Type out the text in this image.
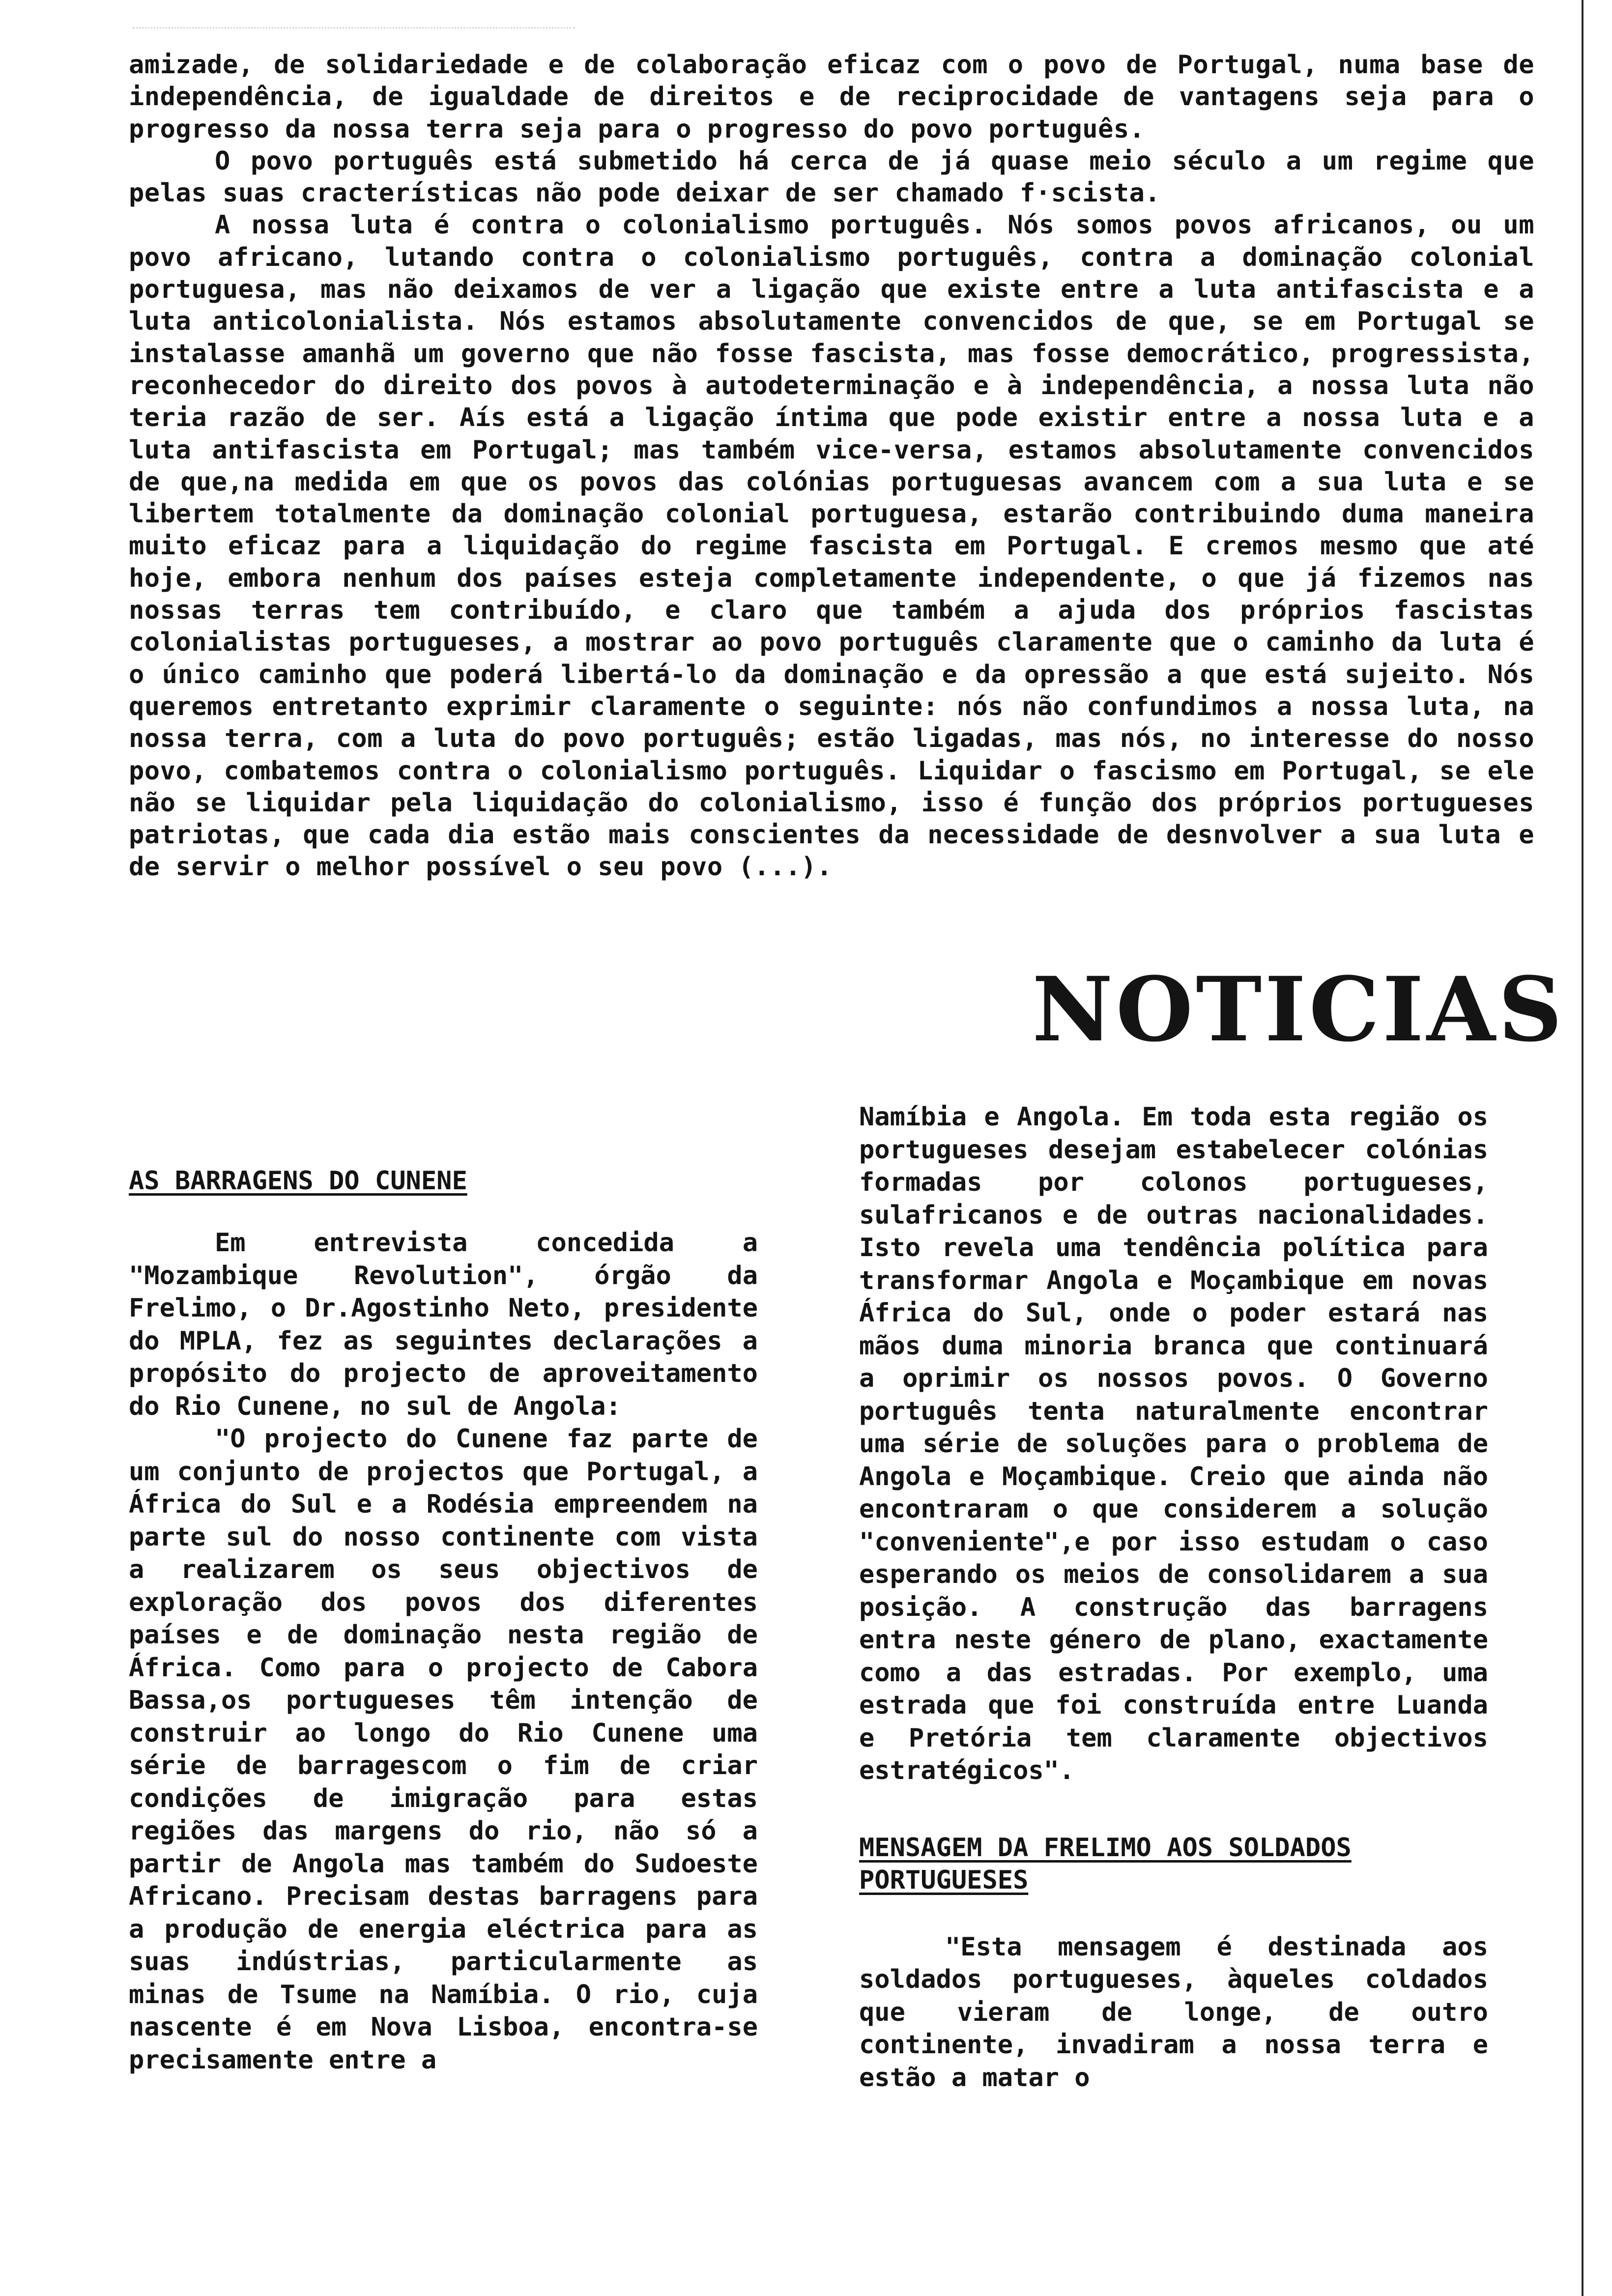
amizade, de solidariedade e de colaboração eficaz com o povo de Portugal, numa base de independência, de igualdade de direitos e de reciprocidade de vantagens seja para o progresso da nossa terra seja para o progresso do povo português.

O povo português está submetido há cerca de já quase meio século a um regime que pelas suas cracterísticas não pode deixar de ser chamado f·scista.

A nossa luta é contra o colonialismo português. Nós somos povos africanos, ou um povo africano, lutando contra o colonialismo português, contra a dominação colonial portuguesa, mas não deixamos de ver a ligação que existe entre a luta antifascista e a luta anticolonialista. Nós estamos absolutamente convencidos de que, se em Portugal se instalasse amanhã um governo que não fosse fascista, mas fosse democrático, progressista, reconhecedor do direito dos povos à autodeterminação e à independência, a nossa luta não teria razão de ser. Aís está a ligação íntima que pode existir entre a nossa luta e a luta antifascista em Portugal; mas também vice-versa, estamos absolutamente convencidos de que,na medida em que os povos das colónias portuguesas avancem com a sua luta e se libertem totalmente da dominação colonial portuguesa, estarão contribuindo duma maneira muito eficaz para a liquidação do regime fascista em Portugal. E cremos mesmo que até hoje, embora nenhum dos países esteja completamente independente, o que já fizemos nas nossas terras tem contribuído, e claro que também a ajuda dos próprios fascistas colonialistas portugueses, a mostrar ao povo português claramente que o caminho da luta é o único caminho que poderá libertá-lo da dominação e da opressão a que está sujeito. Nós queremos entretanto exprimir claramente o seguinte: nós não confundimos a nossa luta, na nossa terra, com a luta do povo português; estão ligadas, mas nós, no interesse do nosso povo, combatemos contra o colonialismo português. Liquidar o fascismo em Portugal, se ele não se liquidar pela liquidação do colonialismo, isso é função dos próprios portugueses patriotas, que cada dia estão mais conscientes da necessidade de desnvolver a sua luta e de servir o melhor possível o seu povo (...).

NOTICIAS
AS BARRAGENS DO CUNENE

Em entrevista concedida a "Mozambique Revolution", órgão da Frelimo, o Dr.Agostinho Neto, presidente do MPLA, fez as seguintes declarações a propósito do projecto de aproveitamento do Rio Cunene, no sul de Angola:

"O projecto do Cunene faz parte de um conjunto de projectos que Portugal, a África do Sul e a Rodésia empreendem na parte sul do nosso continente com vista a realizarem os seus objectivos de exploração dos povos dos diferentes países e de dominação nesta região de África. Como para o projecto de Cabora Bassa,os portugueses têm intenção de construir ao longo do Rio Cunene uma série de barragescom o fim de criar condições de imigração para estas regiões das margens do rio, não só a partir de Angola mas também do Sudoeste Africano. Precisam destas barragens para a produção de energia eléctrica para as suas indústrias, particularmente as minas de Tsume na Namíbia. O rio, cuja nascente é em Nova Lisboa, encontra-se precisamente entre a

Namíbia e Angola. Em toda esta região os portugueses desejam estabelecer colónias formadas por colonos portugueses, sulafricanos e de outras nacionalidades. Isto revela uma tendência política para transformar Angola e Moçambique em novas África do Sul, onde o poder estará nas mãos duma minoria branca que continuará a oprimir os nossos povos. O Governo português tenta naturalmente encontrar uma série de soluções para o problema de Angola e Moçambique. Creio que ainda não encontraram o que considerem a solução "conveniente",e por isso estudam o caso esperando os meios de consolidarem a sua posição. A construção das barragens entra neste género de plano, exactamente como a das estradas. Por exemplo, uma estrada que foi construída entre Luanda e Pretória tem claramente objectivos estratégicos".

MENSAGEM DA FRELIMO AOS SOLDADOS
PORTUGUESES

"Esta mensagem é destinada aos soldados portugueses, àqueles coldados que vieram de longe, de outro continente, invadiram a nossa terra e estão a matar o
